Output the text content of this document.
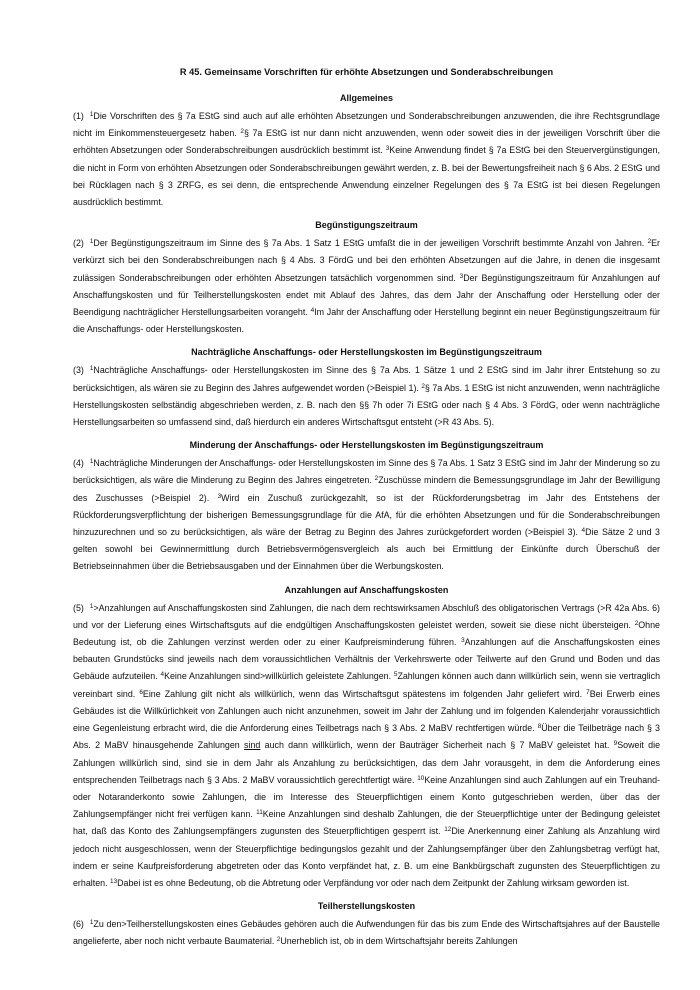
R 45. Gemeinsame Vorschriften für erhöhte Absetzungen und Sonderabschreibungen
Allgemeines

(1) $^1$Die Vorschriften des § 7a EStG sind auch auf alle erhöhten Absetzungen und Sonderabschreibungen anzuwenden, die ihre Rechtsgrundlage nicht im Einkommensteuergesetz haben. $^2$§ 7a EStG ist nur dann nicht anzuwenden, wenn oder soweit dies in der jeweiligen Vorschrift über die erhöhten Absetzungen oder Sonderabschreibungen ausdrücklich bestimmt ist. $^3$Keine Anwendung findet § 7a EStG bei den Steuervergünstigungen, die nicht in Form von erhöhten Absetzungen oder Sonderabschreibungen gewährt werden, z. B. bei der Bewertungsfreiheit nach § 6 Abs. 2 EStG und bei Rücklagen nach § 3 ZRFG, es sei denn, die entsprechende Anwendung einzelner Regelungen des § 7a EStG ist bei diesen Regelungen ausdrücklich bestimmt.

Begünstigungszeitraum

(2) $^1$Der Begünstigungszeitraum im Sinne des § 7a Abs. 1 Satz 1 EStG umfaßt die in der jeweiligen Vorschrift bestimmte Anzahl von Jahren. $^2$Er verkürzt sich bei den Sonderabschreibungen nach § 4 Abs. 3 FördG und bei den erhöhten Absetzungen auf die Jahre, in denen die insgesamt zulässigen Sonderabschreibungen oder erhöhten Absetzungen tatsächlich vorgenommen sind. $^3$Der Begünstigungszeitraum für Anzahlungen auf Anschaffungskosten und für Teilherstellungskosten endet mit Ablauf des Jahres, das dem Jahr der Anschaffung oder Herstellung oder der Beendigung nachträglicher Herstellungsarbeiten vorangeht. $^4$Im Jahr der Anschaffung oder Herstellung beginnt ein neuer Begünstigungszeitraum für die Anschaffungs- oder Herstellungskosten.

Nachträgliche Anschaffungs- oder Herstellungskosten im Begünstigungszeitraum

(3) $^1$Nachträgliche Anschaffungs- oder Herstellungskosten im Sinne des § 7a Abs. 1 Sätze 1 und 2 EStG sind im Jahr ihrer Entstehung so zu berücksichtigen, als wären sie zu Beginn des Jahres aufgewendet worden (>Beispiel 1). $^2$§ 7a Abs. 1 EStG ist nicht anzuwenden, wenn nachträgliche Herstellungskosten selbständig abgeschrieben werden, z. B. nach den §§ 7h oder 7i EStG oder nach § 4 Abs. 3 FördG, oder wenn nachträgliche Herstellungsarbeiten so umfassend sind, daß hierdurch ein anderes Wirtschaftsgut entsteht (>R 43 Abs. 5).

Minderung der Anschaffungs- oder Herstellungskosten im Begünstigungszeitraum

(4) $^1$Nachträgliche Minderungen der Anschaffungs- oder Herstellungskosten im Sinne des § 7a Abs. 1 Satz 3 EStG sind im Jahr der Minderung so zu berücksichtigen, als wäre die Minderung zu Beginn des Jahres eingetreten. $^2$Zuschüsse mindern die Bemessungsgrundlage im Jahr der Bewilligung des Zuschusses (>Beispiel 2). $^3$Wird ein Zuschuß zurückgezahlt, so ist der Rückforderungsbetrag im Jahr des Entstehens der Rückforderungsverpflichtung der bisherigen Bemessungsgrundlage für die AfA, für die erhöhten Absetzungen und für die Sonderabschreibungen hinzuzurechnen und so zu berücksichtigen, als wäre der Betrag zu Beginn des Jahres zurückgefordert worden (>Beispiel 3). $^4$Die Sätze 2 und 3 gelten sowohl bei Gewinnermittlung durch Betriebsvermögensvergleich als auch bei Ermittlung der Einkünfte durch Überschuß der Betriebseinnahmen über die Betriebsausgaben und der Einnahmen über die Werbungskosten.

Anzahlungen auf Anschaffungskosten

(5) $^1$>Anzahlungen auf Anschaffungskosten sind Zahlungen, die nach dem rechtswirksamen Abschluß des obligatorischen Vertrags (>R 42a Abs. 6) und vor der Lieferung eines Wirtschaftsguts auf die endgültigen Anschaffungskosten geleistet werden, soweit sie diese nicht übersteigen. $^2$Ohne Bedeutung ist, ob die Zahlungen verzinst werden oder zu einer Kaufpreisminderung führen. $^3$Anzahlungen auf die Anschaffungskosten eines bebauten Grundstücks sind jeweils nach dem voraussichtlichen Verhältnis der Verkehrswerte oder Teilwerte auf den Grund und Boden und das Gebäude aufzuteilen. $^4$Keine Anzahlungen sind>willkürlich geleistete Zahlungen. $^5$Zahlungen können auch dann willkürlich sein, wenn sie vertraglich vereinbart sind. $^6$Eine Zahlung gilt nicht als willkürlich, wenn das Wirtschaftsgut spätestens im folgenden Jahr geliefert wird. $^7$Bei Erwerb eines Gebäudes ist die Willkürlichkeit von Zahlungen auch nicht anzunehmen, soweit im Jahr der Zahlung und im folgenden Kalenderjahr voraussichtlich eine Gegenleistung erbracht wird, die die Anforderung eines Teilbetrags nach § 3 Abs. 2 MaBV rechtfertigen würde. $^8$Über die Teilbeträge nach § 3 Abs. 2 MaBV hinausgehende Zahlungen sind auch dann willkürlich, wenn der Bauträger Sicherheit nach § 7 MaBV geleistet hat. $^9$Soweit die Zahlungen willkürlich sind, sind sie in dem Jahr als Anzahlung zu berücksichtigen, das dem Jahr vorausgeht, in dem die Anforderung eines entsprechenden Teilbetrags nach § 3 Abs. 2 MaBV voraussichtlich gerechtfertigt wäre. $^{10}$Keine Anzahlungen sind auch Zahlungen auf ein Treuhand- oder Notaranderkonto sowie Zahlungen, die im Interesse des Steuerpflichtigen einem Konto gutgeschrieben werden, über das der Zahlungsempfänger nicht frei verfügen kann. $^{11}$Keine Anzahlungen sind deshalb Zahlungen, die der Steuerpflichtige unter der Bedingung geleistet hat, daß das Konto des Zahlungsempfängers zugunsten des Steuerpflichtigen gesperrt ist. $^{12}$Die Anerkennung einer Zahlung als Anzahlung wird jedoch nicht ausgeschlossen, wenn der Steuerpflichtige bedingungslos gezahlt und der Zahlungsempfänger über den Zahlungsbetrag verfügt hat, indem er seine Kaufpreisforderung abgetreten oder das Konto verpfändet hat, z. B. um eine Bankbürgschaft zugunsten des Steuerpflichtigen zu erhalten. $^{13}$Dabei ist es ohne Bedeutung, ob die Abtretung oder Verpfändung vor oder nach dem Zeitpunkt der Zahlung wirksam geworden ist.

Teilherstellungskosten

(6) $^1$Zu den>Teilherstellungskosten eines Gebäudes gehören auch die Aufwendungen für das bis zum Ende des Wirtschaftsjahres auf der Baustelle angelieferte, aber noch nicht verbaute Baumaterial. $^2$Unerheblich ist, ob in dem Wirtschaftsjahr bereits Zahlungen
